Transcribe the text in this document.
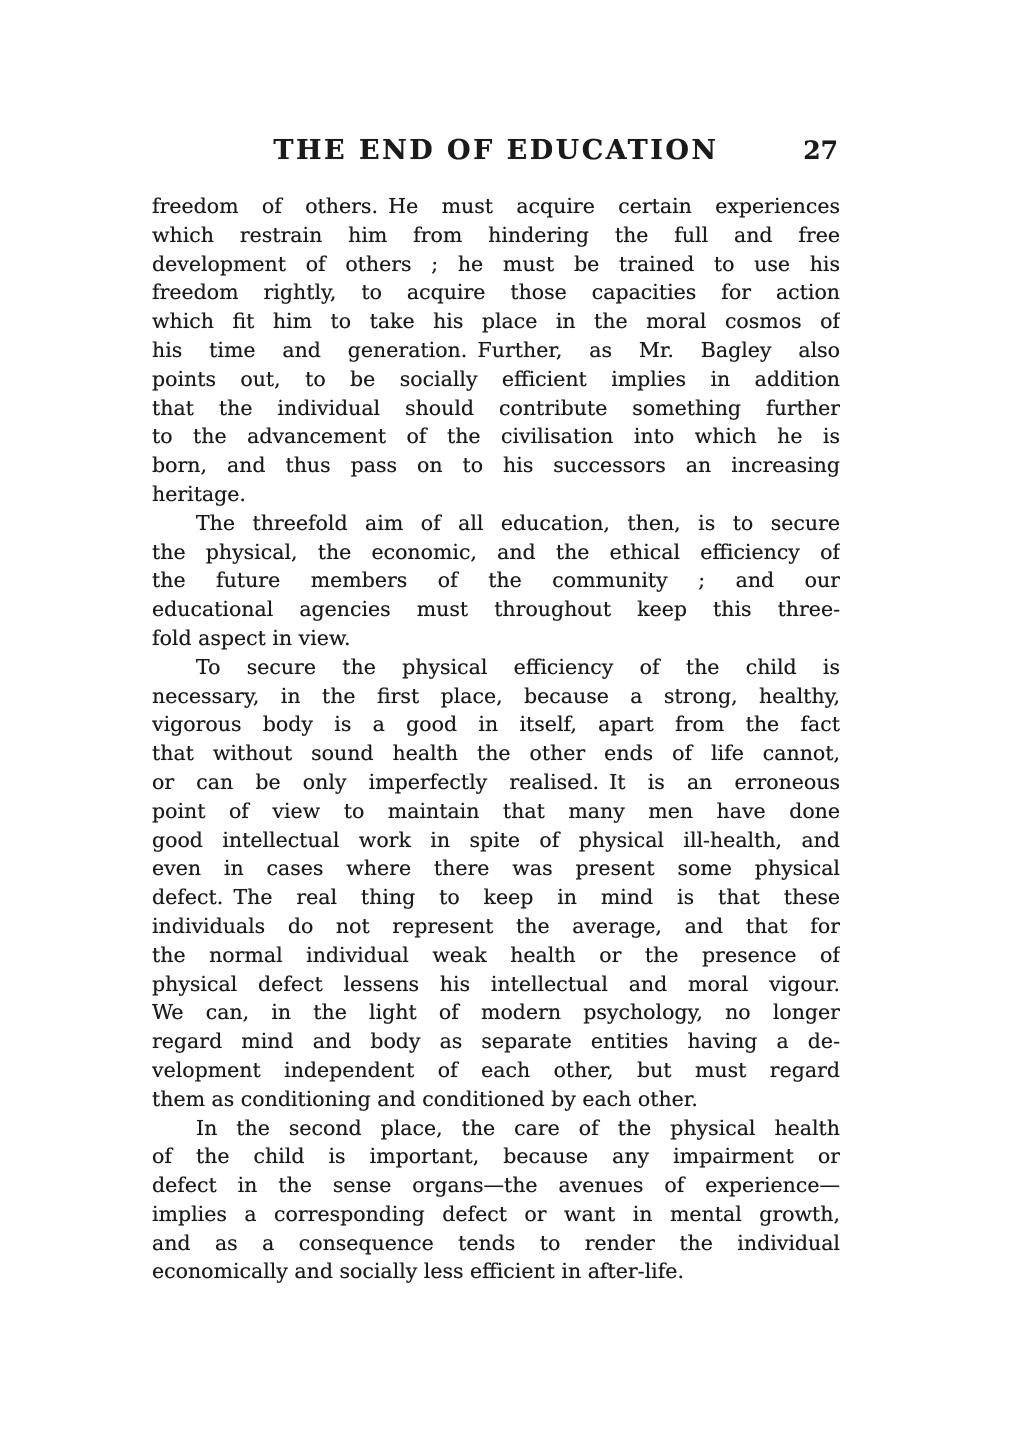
THE END OF EDUCATION	27
freedom of others. He must acquire certain experiences
which restrain him from hindering the full and free
development of others ; he must be trained to use his
freedom rightly, to acquire those capacities for action
which fit him to take his place in the moral cosmos of
his time and generation. Further, as Mr. Bagley also
points out, to be socially efficient implies in addition
that the individual should contribute something further
to the advancement of the civilisation into which he is
born, and thus pass on to his successors an increasing
heritage.
The threefold aim of all education, then, is to secure
the physical, the economic, and the ethical efficiency of
the future members of the community ; and our
educational agencies must throughout keep this three-
fold aspect in view.
To secure the physical efficiency of the child is
necessary, in the first place, because a strong, healthy,
vigorous body is a good in itself, apart from the fact
that without sound health the other ends of life cannot,
or can be only imperfectly realised. It is an erroneous
point of view to maintain that many men have done
good intellectual work in spite of physical ill-health, and
even in cases where there was present some physical
defect. The real thing to keep in mind is that these
individuals do not represent the average, and that for
the normal individual weak health or the presence of
physical defect lessens his intellectual and moral vigour.
We can, in the light of modern psychology, no longer
regard mind and body as separate entities having a de-
velopment independent of each other, but must regard
them as conditioning and conditioned by each other.
In the second place, the care of the physical health
of the child is important, because any impairment or
defect in the sense organs—the avenues of experience—
implies a corresponding defect or want in mental growth,
and as a consequence tends to render the individual
economically and socially less efficient in after-life.
